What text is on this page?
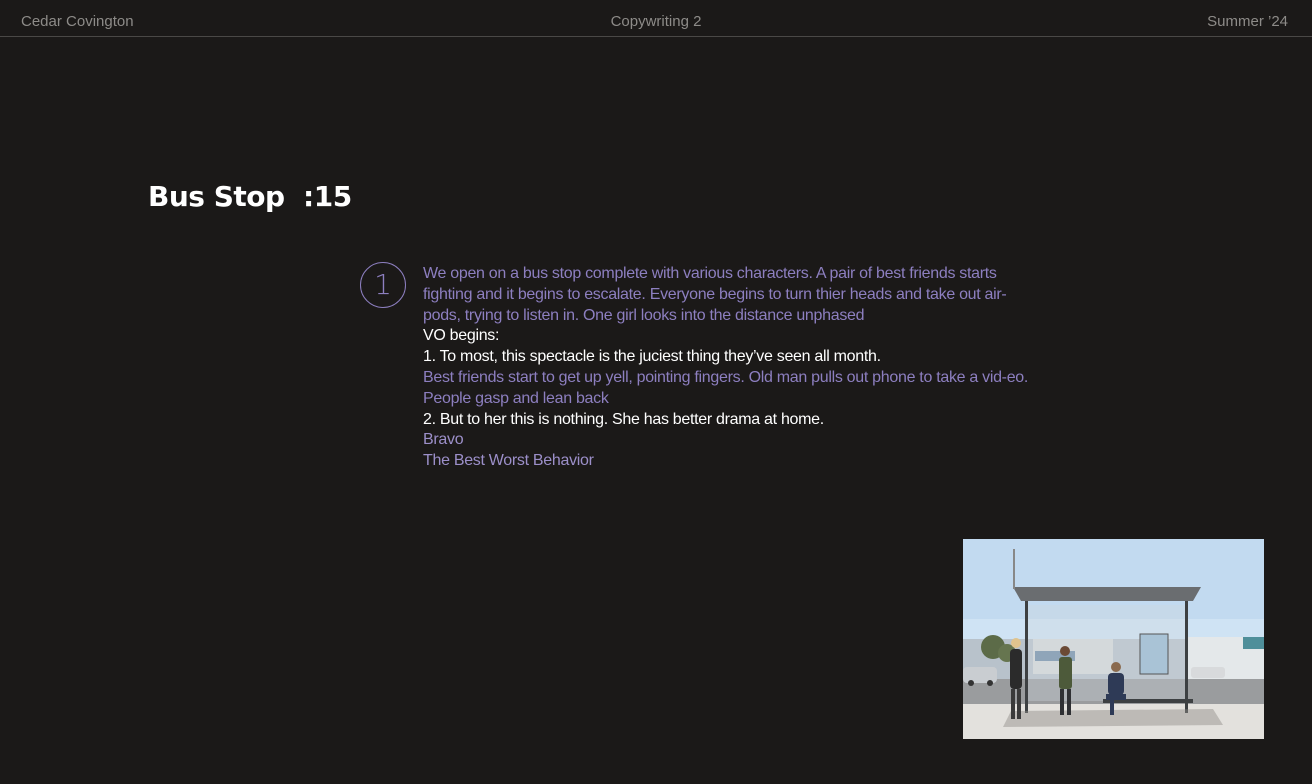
Cedar Covington	Copywriting 2	Summer ’24
Bus Stop  :15
1 We open on a bus stop complete with various characters. A pair of best friends starts fighting and it begins to escalate. Everyone begins to turn thier heads and take out air-pods, trying to listen in. One girl looks into the distance unphased

VO begins:

1. To most, this spectacle is the juciest thing they’ve seen all month.

Best friends start to get up yell, pointing fingers. Old man pulls out phone to take a vid-eo. People gasp and lean back

2. But to her this is nothing. She has better drama at home.

Bravo

The Best Worst Behavior
